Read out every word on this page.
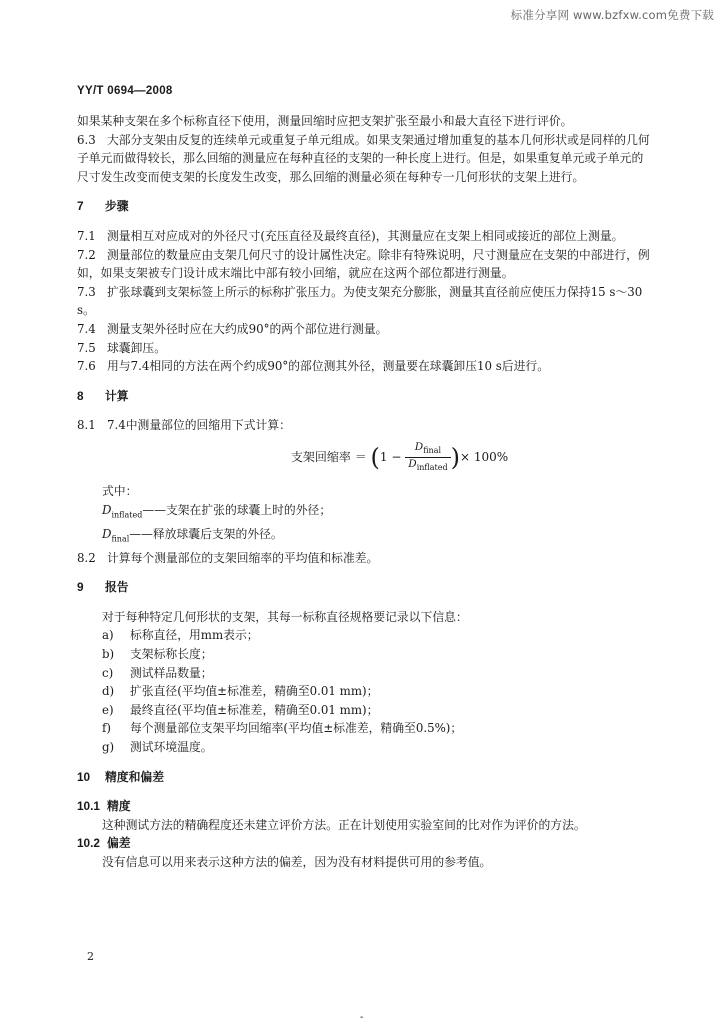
标准分享网 www.bzfxw.com免费下载
YY/T 0694—2008

如果某种支架在多个标称直径下使用，测量回缩时应把支架扩张至最小和最大直径下进行评价。

6.3 大部分支架由反复的连续单元或重复子单元组成。如果支架通过增加重复的基本几何形状或是同样的几何子单元而做得较长，那么回缩的测量应在每种直径的支架的一种长度上进行。但是，如果重复单元或子单元的尺寸发生改变而使支架的长度发生改变，那么回缩的测量必须在每种专一几何形状的支架上进行。

7 步骤

7.1 测量相互对应成对的外径尺寸(充压直径及最终直径)，其测量应在支架上相同或接近的部位上测量。

7.2 测量部位的数量应由支架几何尺寸的设计属性决定。除非有特殊说明，尺寸测量应在支架的中部进行，例如，如果支架被专门设计成末端比中部有较小回缩，就应在这两个部位都进行测量。

7.3 扩张球囊到支架标签上所示的标称扩张压力。为使支架充分膨胀，测量其直径前应使压力保持15 s～30 s。

7.4 测量支架外径时应在大约成90°的两个部位进行测量。

7.5 球囊卸压。

7.6 用与7.4相同的方法在两个约成90°的部位测其外径，测量要在球囊卸压10 s后进行。

8 计算

8.1 7.4中测量部位的回缩用下式计算：

支架回缩率 ＝ ($1 - \frac{D_{final}}{D_{inflated}}$ )× 100%

式中：

$D_{inflated}——$支架在扩张的球囊上时的外径；

$D_{final}——$释放球囊后支架的外径。

8.2 计算每个测量部位的支架回缩率的平均值和标准差。

9 报告

对于每种特定几何形状的支架，其每一标称直径规格要记录以下信息：

a)	标称直径，用mm表示；
b)	支架标称长度；
c)	测试样品数量；
d)	扩张直径(平均值±标准差，精确至0.01 mm)；
e)	最终直径(平均值±标准差，精确至0.01 mm)；
f)	每个测量部位支架平均回缩率(平均值±标准差，精确至0.5%)；
g)	测试环境温度。

10 精度和偏差

10.1 精度

这种测试方法的精确程度还未建立评价方法。正在计划使用实验室间的比对作为评价的方法。

10.2 偏差

没有信息可以用来表示这种方法的偏差，因为没有材料提供可用的参考值。

2
-
